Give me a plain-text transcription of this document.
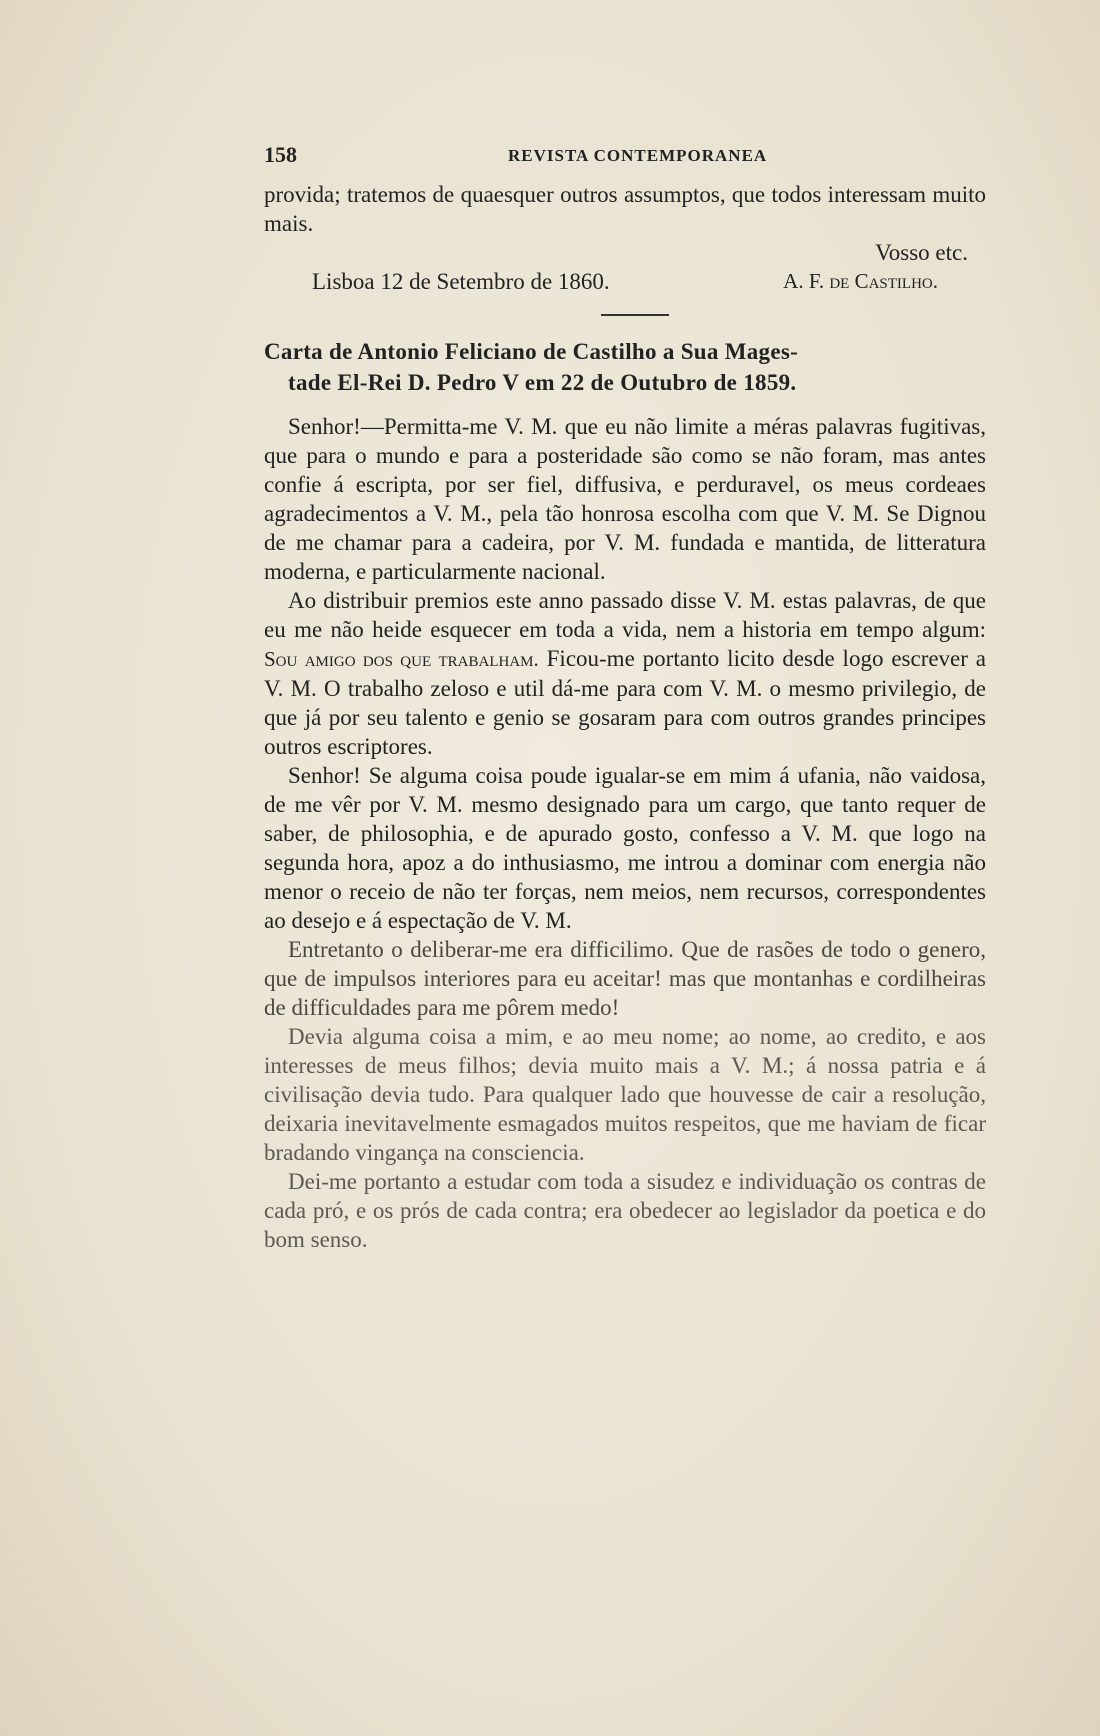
158	REVISTA CONTEMPORANEA

provida; tratemos de quaesquer outros assumptos, que todos interessam muito mais.

Vosso etc.
Lisboa 12 de Setembro de 1860.	A. F. de Castilho.
Carta de Antonio Feliciano de Castilho a Sua Mages-
tade El-Rei D. Pedro V em 22 de Outubro de 1859.

Senhor!—Permitta-me V. M. que eu não limite a méras palavras fugitivas, que para o mundo e para a posteridade são como se não foram, mas antes confie á escripta, por ser fiel, diffusiva, e perduravel, os meus cordeaes agradecimentos a V. M., pela tão honrosa escolha com que V. M. Se Dignou de me chamar para a cadeira, por V. M. fundada e mantida, de litteratura moderna, e particularmente nacional.

Ao distribuir premios este anno passado disse V. M. estas palavras, de que eu me não heide esquecer em toda a vida, nem a historia em tempo algum: Sou amigo dos que trabalham. Ficou-me portanto licito desde logo escrever a V. M. O trabalho zeloso e util dá-me para com V. M. o mesmo privilegio, de que já por seu talento e genio se gosaram para com outros grandes principes outros escriptores.

Senhor! Se alguma coisa poude igualar-se em mim á ufania, não vaidosa, de me vêr por V. M. mesmo designado para um cargo, que tanto requer de saber, de philosophia, e de apurado gosto, confesso a V. M. que logo na segunda hora, apoz a do inthusiasmo, me introu a dominar com energia não menor o receio de não ter forças, nem meios, nem recursos, correspondentes ao desejo e á espectação de V. M.

Entretanto o deliberar-me era difficilimo. Que de rasões de todo o genero, que de impulsos interiores para eu aceitar! mas que montanhas e cordilheiras de difficuldades para me pôrem medo!

Devia alguma coisa a mim, e ao meu nome; ao nome, ao credito, e aos interesses de meus filhos; devia muito mais a V. M.; á nossa patria e á civilisação devia tudo. Para qualquer lado que houvesse de cair a resolução, deixaria inevitavelmente esmagados muitos respeitos, que me haviam de ficar bradando vingança na consciencia.

Dei-me portanto a estudar com toda a sisudez e individuação os contras de cada pró, e os prós de cada contra; era obedecer ao legislador da poetica e do bom senso.
